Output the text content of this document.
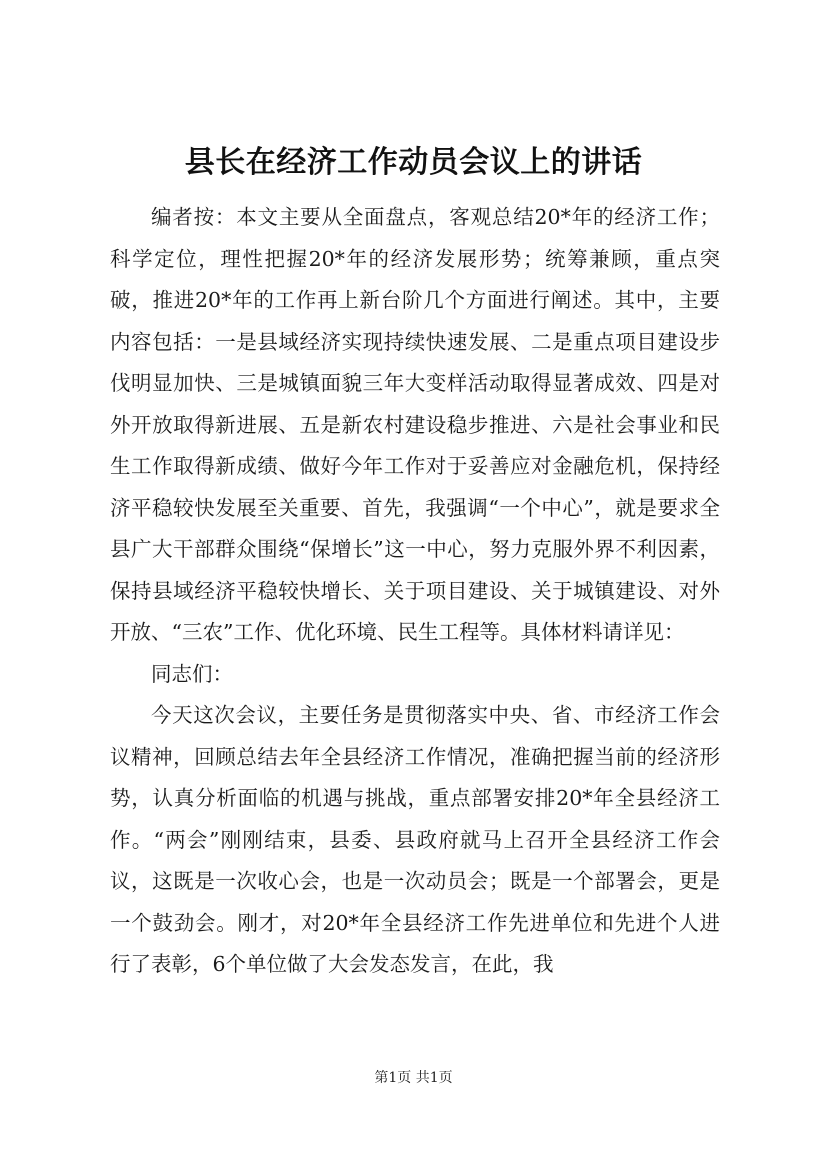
县长在经济工作动员会议上的讲话

编者按：本文主要从全面盘点，客观总结20*年的经济工作；科学定位，理性把握20*年的经济发展形势；统筹兼顾，重点突破，推进20*年的工作再上新台阶几个方面进行阐述。其中，主要内容包括：一是县域经济实现持续快速发展、二是重点项目建设步伐明显加快、三是城镇面貌三年大变样活动取得显著成效、四是对外开放取得新进展、五是新农村建设稳步推进、六是社会事业和民生工作取得新成绩、做好今年工作对于妥善应对金融危机，保持经济平稳较快发展至关重要、首先，我强调“一个中心”，就是要求全县广大干部群众围绕“保增长”这一中心，努力克服外界不利因素，保持县域经济平稳较快增长、关于项目建设、关于城镇建设、对外开放、“三农”工作、优化环境、民生工程等。具体材料请详见：

同志们：

今天这次会议，主要任务是贯彻落实中央、省、市经济工作会议精神，回顾总结去年全县经济工作情况，准确把握当前的经济形势，认真分析面临的机遇与挑战，重点部署安排20*年全县经济工作。“两会”刚刚结束，县委、县政府就马上召开全县经济工作会议，这既是一次收心会，也是一次动员会；既是一个部署会，更是一个鼓劲会。刚才，对20*年全县经济工作先进单位和先进个人进行了表彰，6个单位做了大会发态发言，在此，我

第1页 共1页
